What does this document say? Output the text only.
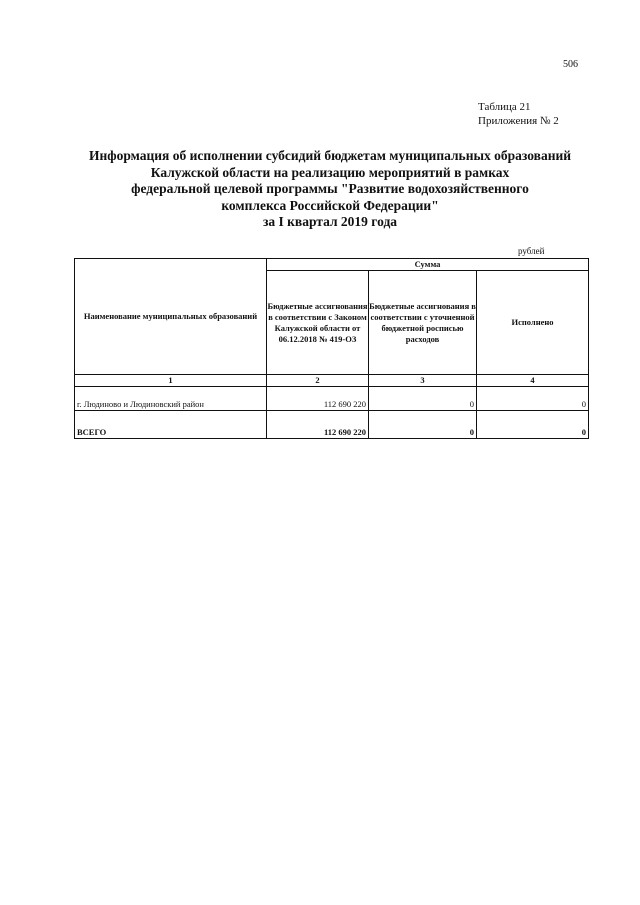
506
Таблица 21
Приложения № 2
Информация об исполнении субсидий бюджетам муниципальных образований
Калужской области на реализацию мероприятий в рамках
федеральной целевой программы "Развитие водохозяйственного
комплекса Российской Федерации"
за I квартал 2019 года
рублей
Наименование муниципальных образований	Сумма		
	Бюджетные ассигнования в соответствии с Законом Калужской области от 06.12.2018 № 419-ОЗ	Бюджетные ассигнования в соответствии с уточненной бюджетной росписью расходов	Исполнено
1	2	3	4
г. Людиново и Людиновский район	112 690 220	0	0
ВСЕГО	112 690 220	0	0
